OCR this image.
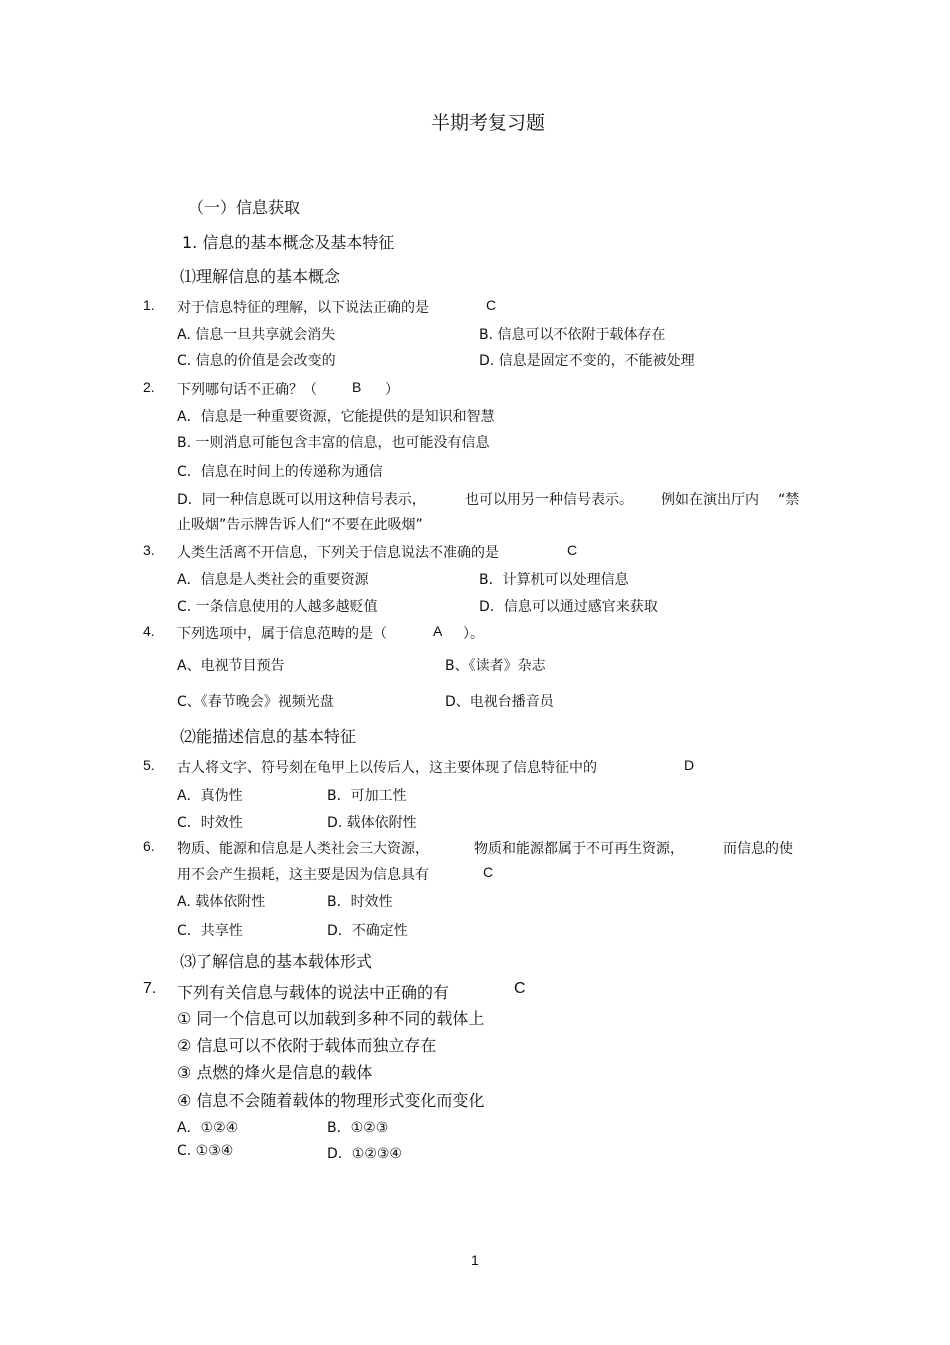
半期考复习题
（一）信息获取
1. 信息的基本概念及基本特征
⑴理解信息的基本概念
1. 对于信息特征的理解，以下说法正确的是	C
A. 信息一旦共享就会消失	B. 信息可以不依附于载体存在
C. 信息的价值是会改变的	D. 信息是固定不变的，不能被处理
2. 下列哪句话不正确？（	B ）
A．信息是一种重要资源，它能提供的是知识和智慧
B. 一则消息可能包含丰富的信息，也可能没有信息
C．信息在时间上的传递称为通信
D．同一种信息既可以用这种信号表示，	也可以用另一种信号表示。 例如在演出厅内 “禁
止吸烟”告示牌告诉人们“不要在此吸烟”
3. 人类生活离不开信息，下列关于信息说法不准确的是	C
A．信息是人类社会的重要资源	B．计算机可以处理信息
C. 一条信息使用的人越多越贬值	D．信息可以通过感官来获取
4. 下列选项中，属于信息范畴的是（	A ）。
A、电视节目预告	B、《读者》杂志
C、《春节晚会》视频光盘	D、电视台播音员
⑵能描述信息的基本特征
5. 古人将文字、符号刻在龟甲上以传后人，这主要体现了信息特征中的	D
A．真伪性	B．可加工性
C．时效性	D. 载体依附性
6. 物质、能源和信息是人类社会三大资源，	物质和能源都属于不可再生资源，	而信息的使
用不会产生损耗，这主要是因为信息具有	C
A. 载体依附性	B．时效性
C．共享性	D．不确定性
⑶了解信息的基本载体形式
7. 下列有关信息与载体的说法中正确的有	C
① 同一个信息可以加载到多种不同的载体上
② 信息可以不依附于载体而独立存在
③ 点燃的烽火是信息的载体
④ 信息不会随着载体的物理形式变化而变化
A．①②④	B．①②③
C. ①③④	D．①②③④
1
